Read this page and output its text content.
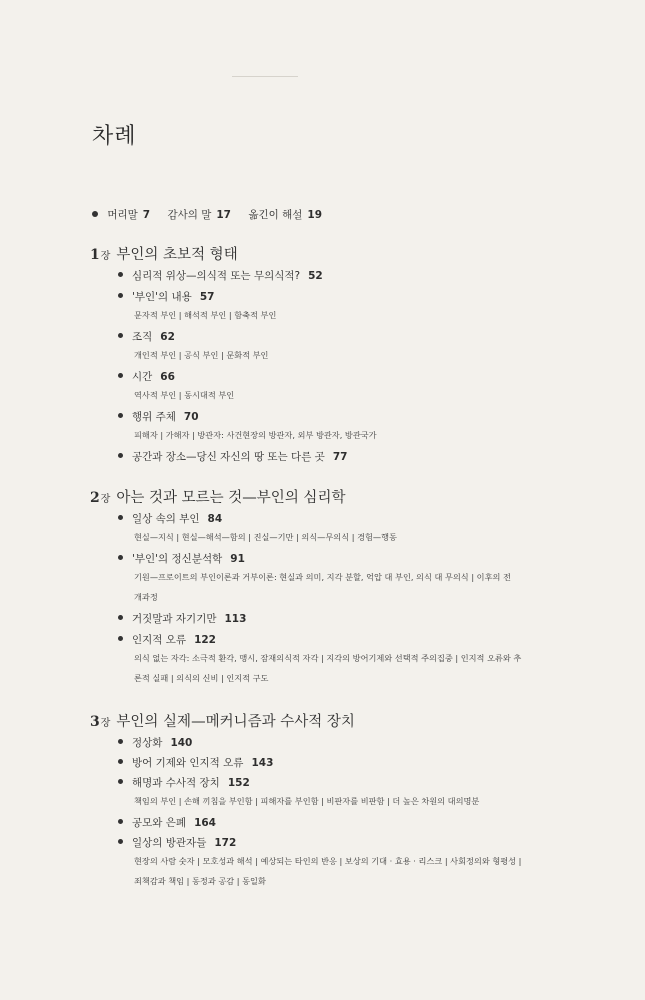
차례
머리말 7 감사의 말 17 옮긴이 해설 19
1장 부인의 초보적 형태
심리적 위상—의식적 또는 무의식적? 52
'부인'의 내용 57
문자적 부인 | 해석적 부인 | 함축적 부인
조직 62
개인적 부인 | 공식 부인 | 문화적 부인
시간 66
역사적 부인 | 동시대적 부인
행위 주체 70
피해자 | 가해자 | 방관자: 사건현장의 방관자, 외부 방관자, 방관국가
공간과 장소—당신 자신의 땅 또는 다른 곳 77
2장 아는 것과 모르는 것—부인의 심리학
일상 속의 부인 84
현실—지식 | 현실—해석—함의 | 진실—기만 | 의식—무의식 | 경험—행동
'부인'의 정신분석학 91
기원—프로이트의 부인이론과 거부이론: 현실과 의미, 지각 분할, 억압 대 부인, 의식 대 무의식 | 이후의 전
개과정
거짓말과 자기기만 113
인지적 오류 122
의식 없는 자각: 소극적 환각, 맹시, 잠재의식적 자각 | 지각의 방어기제와 선택적 주의집중 | 인지적 오류와 추
론적 실패 | 의식의 신비 | 인지적 구도
3장 부인의 실제—메커니즘과 수사적 장치
정상화 140
방어 기제와 인지적 오류 143
해명과 수사적 장치 152
책임의 부인 | 손해 끼침을 부인함 | 피해자를 부인함 | 비판자를 비판함 | 더 높은 차원의 대의명분
공모와 은폐 164
일상의 방관자들 172
현장의 사람 숫자 | 모호성과 해석 | 예상되는 타인의 반응 | 보상의 기대 · 효용 · 리스크 | 사회정의와 형평성 |
죄책감과 책임 | 동정과 공감 | 동일화
